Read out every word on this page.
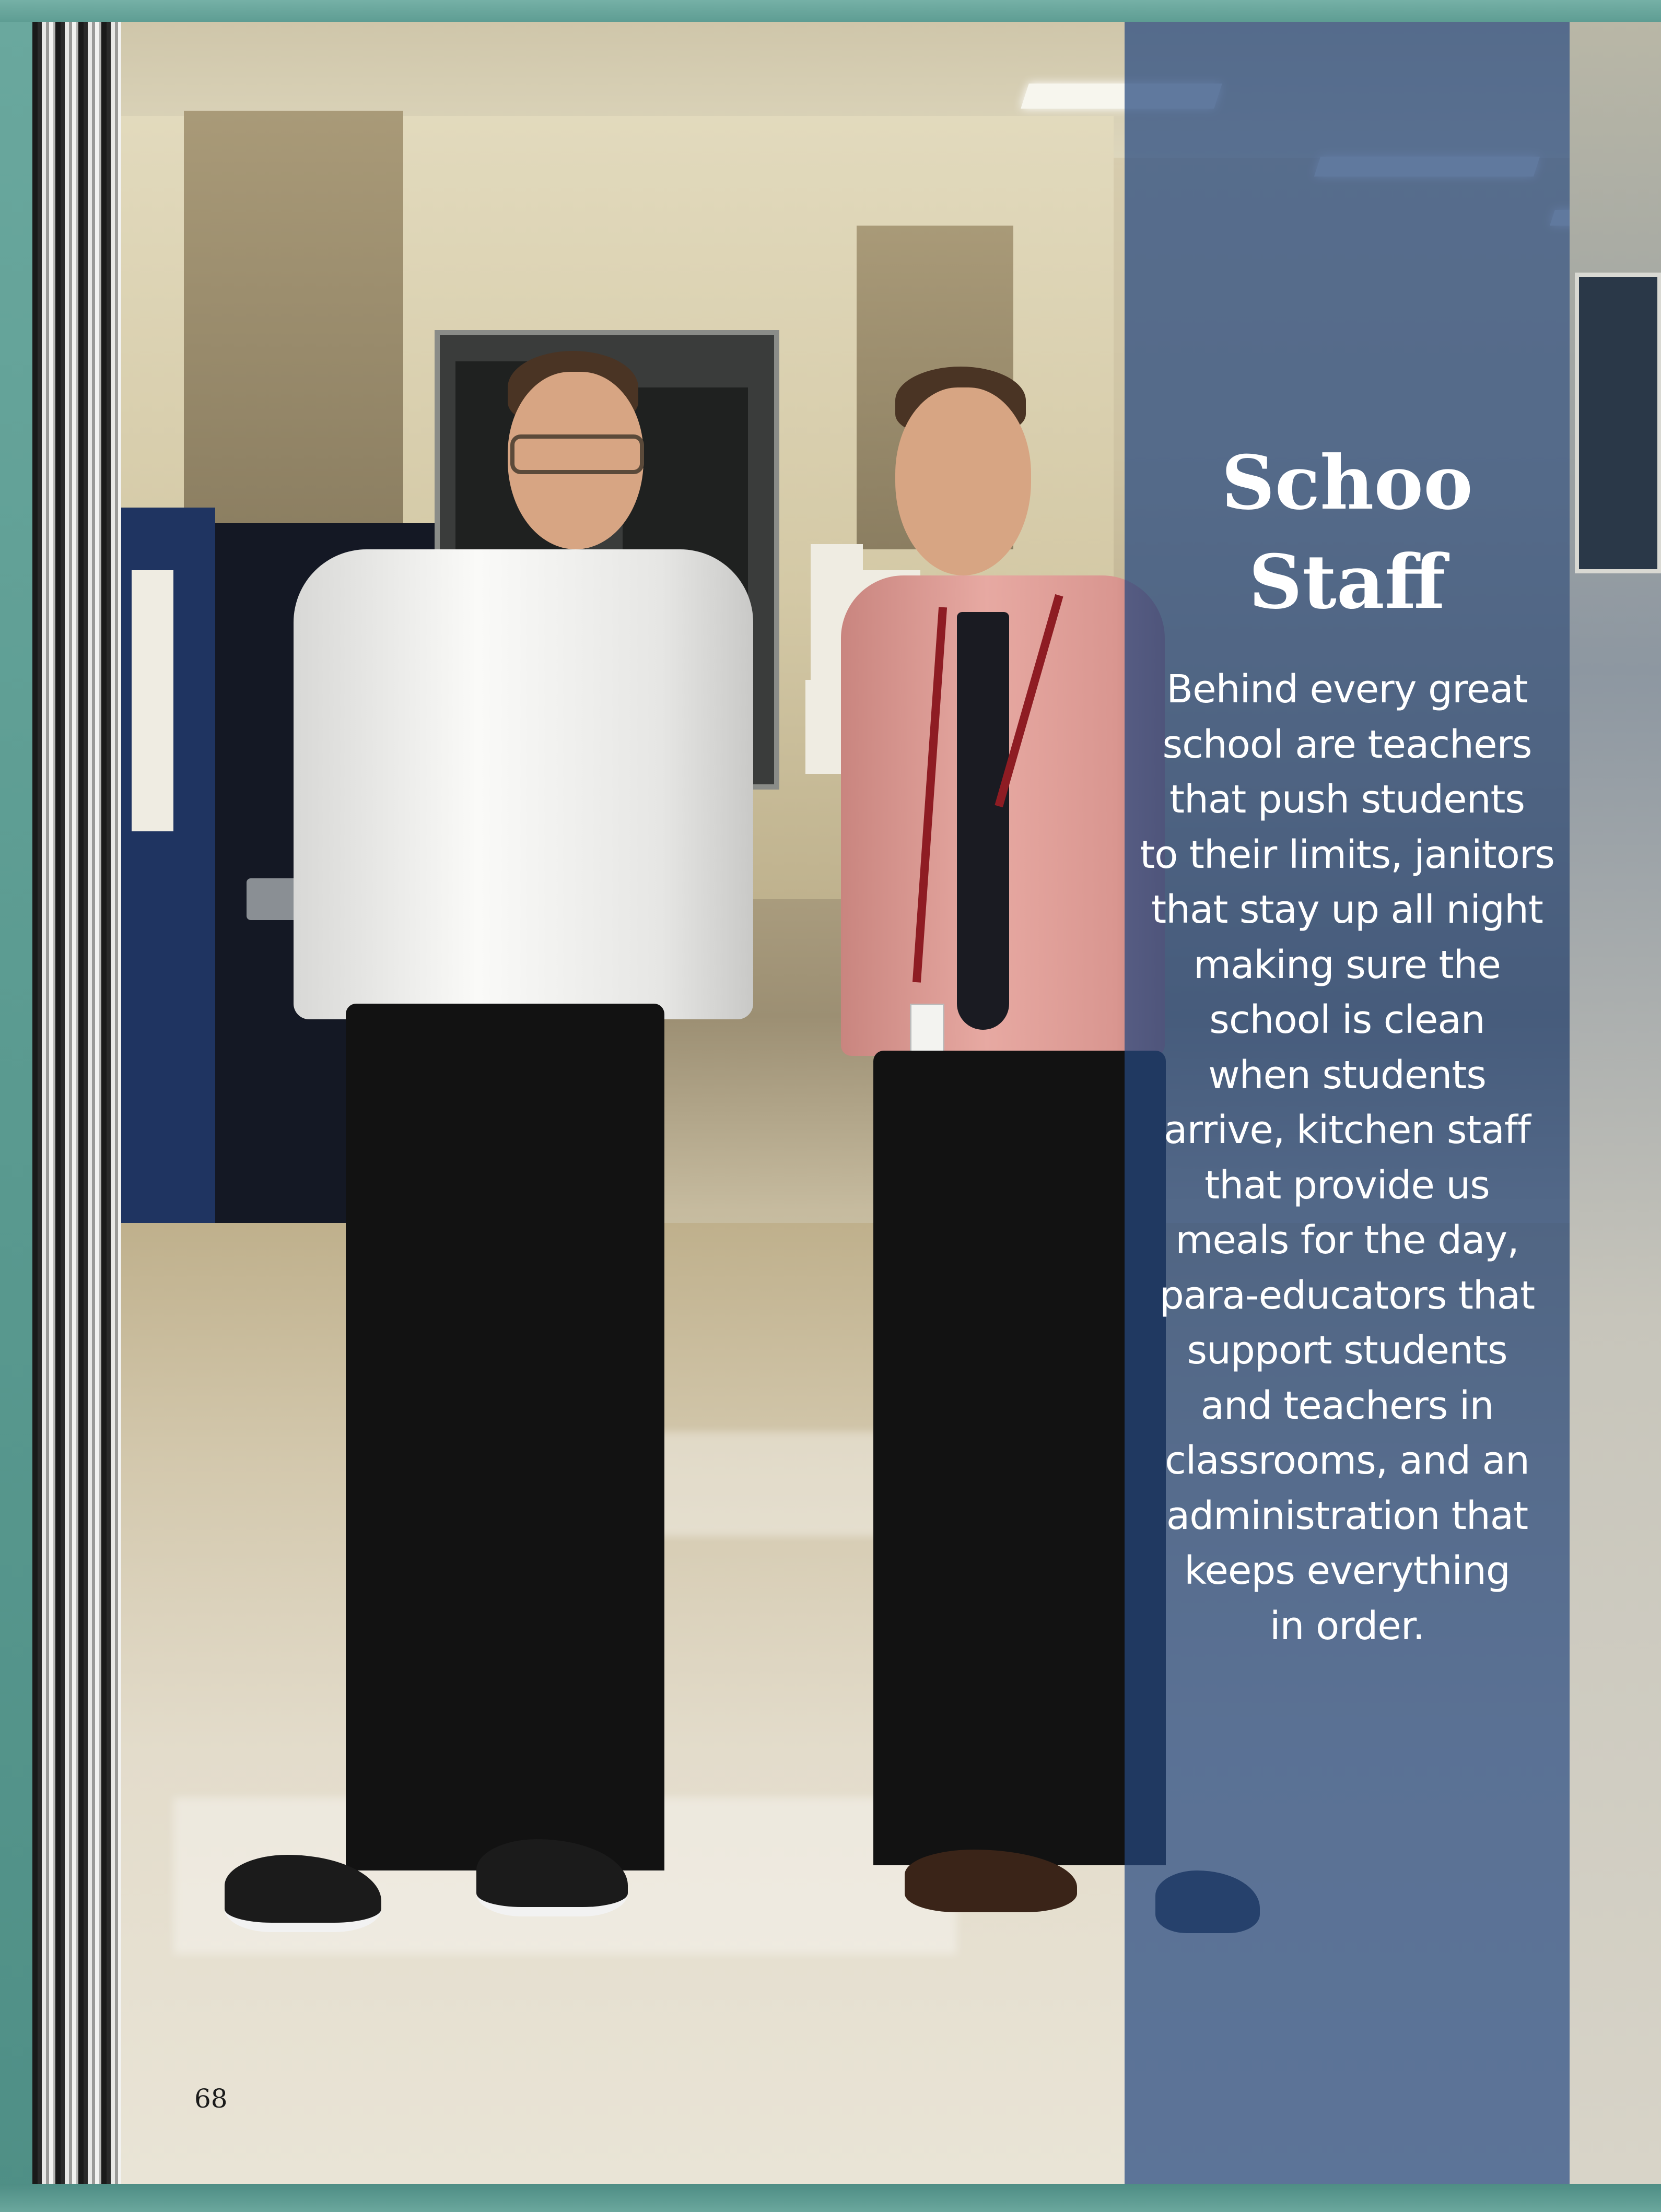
Schoo
Staff
Behind every great
school are teachers
that push students
to their limits, janitors
that stay up all night
making sure the
school is clean
when students
arrive, kitchen staff
that provide us
meals for the day,
para-educators that
support students
and teachers in
classrooms, and an
administration that
keeps everything
in order.
68
